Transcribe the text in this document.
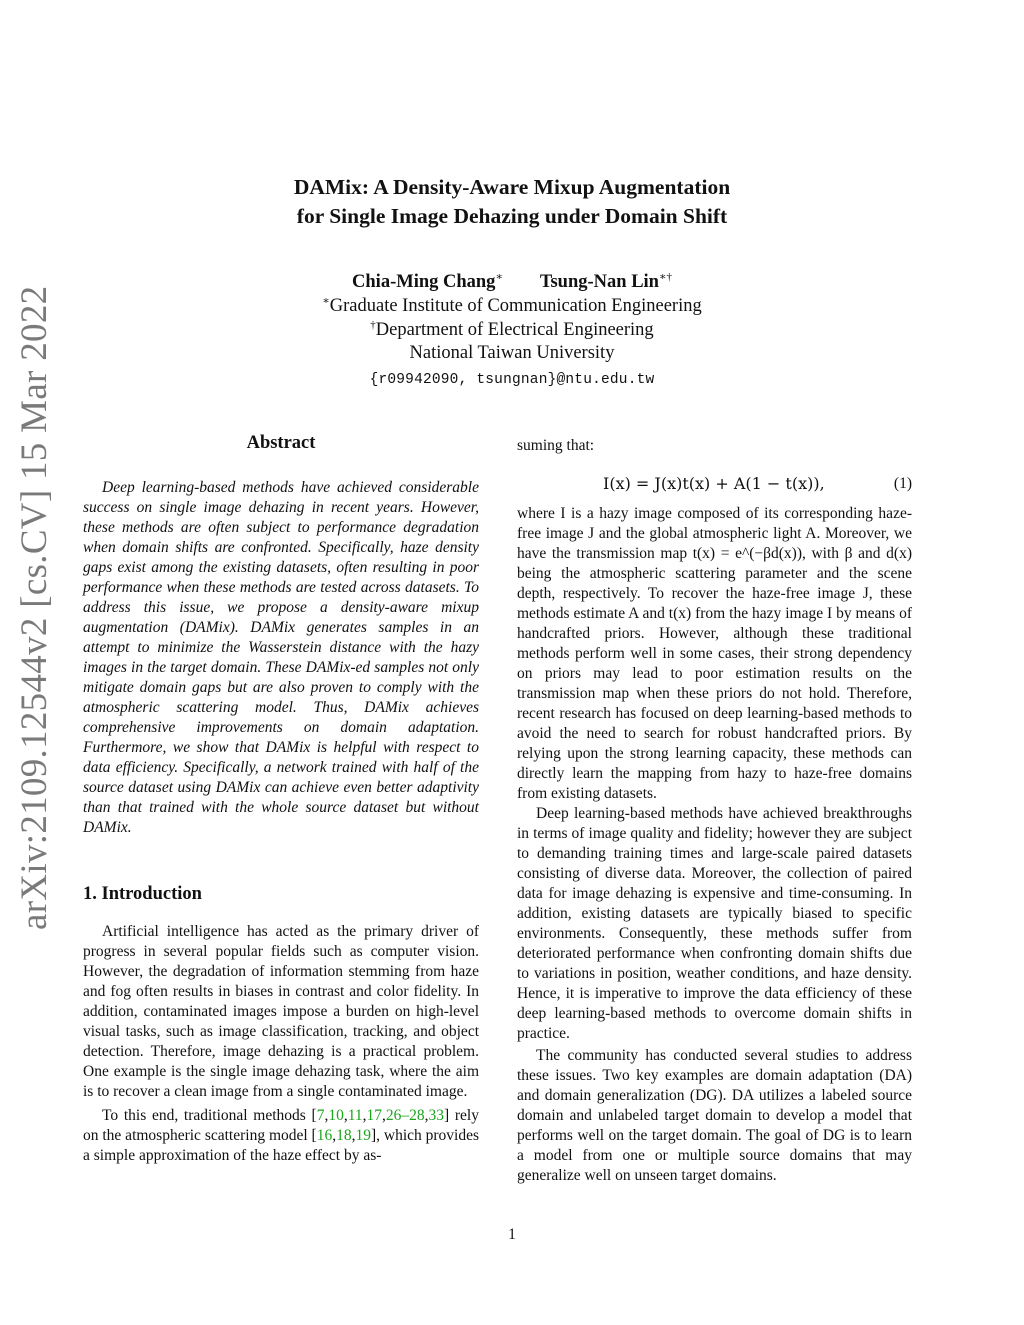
arXiv:2109.12544v2 [cs.CV] 15 Mar 2022
DAMix: A Density-Aware Mixup Augmentation
for Single Image Dehazing under Domain Shift
Chia-Ming Chang∗ Tsung-Nan Lin∗†
∗Graduate Institute of Communication Engineering
†Department of Electrical Engineering
National Taiwan University
{r09942090, tsungnan}@ntu.edu.tw
Abstract

Deep learning-based methods have achieved considerable success on single image dehazing in recent years. However, these methods are often subject to performance degradation when domain shifts are confronted. Specifically, haze density gaps exist among the existing datasets, often resulting in poor performance when these methods are tested across datasets. To address this issue, we propose a density-aware mixup augmentation (DAMix). DAMix generates samples in an attempt to minimize the Wasserstein distance with the hazy images in the target domain. These DAMix-ed samples not only mitigate domain gaps but are also proven to comply with the atmospheric scattering model. Thus, DAMix achieves comprehensive improvements on domain adaptation. Furthermore, we show that DAMix is helpful with respect to data efficiency. Specifically, a network trained with half of the source dataset using DAMix can achieve even better adaptivity than that trained with the whole source dataset but without DAMix.

1. Introduction

Artificial intelligence has acted as the primary driver of progress in several popular fields such as computer vision. However, the degradation of information stemming from haze and fog often results in biases in contrast and color fidelity. In addition, contaminated images impose a burden on high-level visual tasks, such as image classification, tracking, and object detection. Therefore, image dehazing is a practical problem. One example is the single image dehazing task, where the aim is to recover a clean image from a single contaminated image.

To this end, traditional methods [7,10,11,17,26–28,33] rely on the atmospheric scattering model [16,18,19], which provides a simple approximation of the haze effect by as-

suming that:

I(x) = J(x)t(x) + A(1 − t(x)),	(1)

where I is a hazy image composed of its corresponding haze-free image J and the global atmospheric light A. Moreover, we have the transmission map t(x) = e^(−βd(x)), with β and d(x) being the atmospheric scattering parameter and the scene depth, respectively. To recover the haze-free image J, these methods estimate A and t(x) from the hazy image I by means of handcrafted priors. However, although these traditional methods perform well in some cases, their strong dependency on priors may lead to poor estimation results on the transmission map when these priors do not hold. Therefore, recent research has focused on deep learning-based methods to avoid the need to search for robust handcrafted priors. By relying upon the strong learning capacity, these methods can directly learn the mapping from hazy to haze-free domains from existing datasets.

Deep learning-based methods have achieved breakthroughs in terms of image quality and fidelity; however they are subject to demanding training times and large-scale paired datasets consisting of diverse data. Moreover, the collection of paired data for image dehazing is expensive and time-consuming. In addition, existing datasets are typically biased to specific environments. Consequently, these methods suffer from deteriorated performance when confronting domain shifts due to variations in position, weather conditions, and haze density. Hence, it is imperative to improve the data efficiency of these deep learning-based methods to overcome domain shifts in practice.

The community has conducted several studies to address these issues. Two key examples are domain adaptation (DA) and domain generalization (DG). DA utilizes a labeled source domain and unlabeled target domain to develop a model that performs well on the target domain. The goal of DG is to learn a model from one or multiple source domains that may generalize well on unseen target domains.

1
